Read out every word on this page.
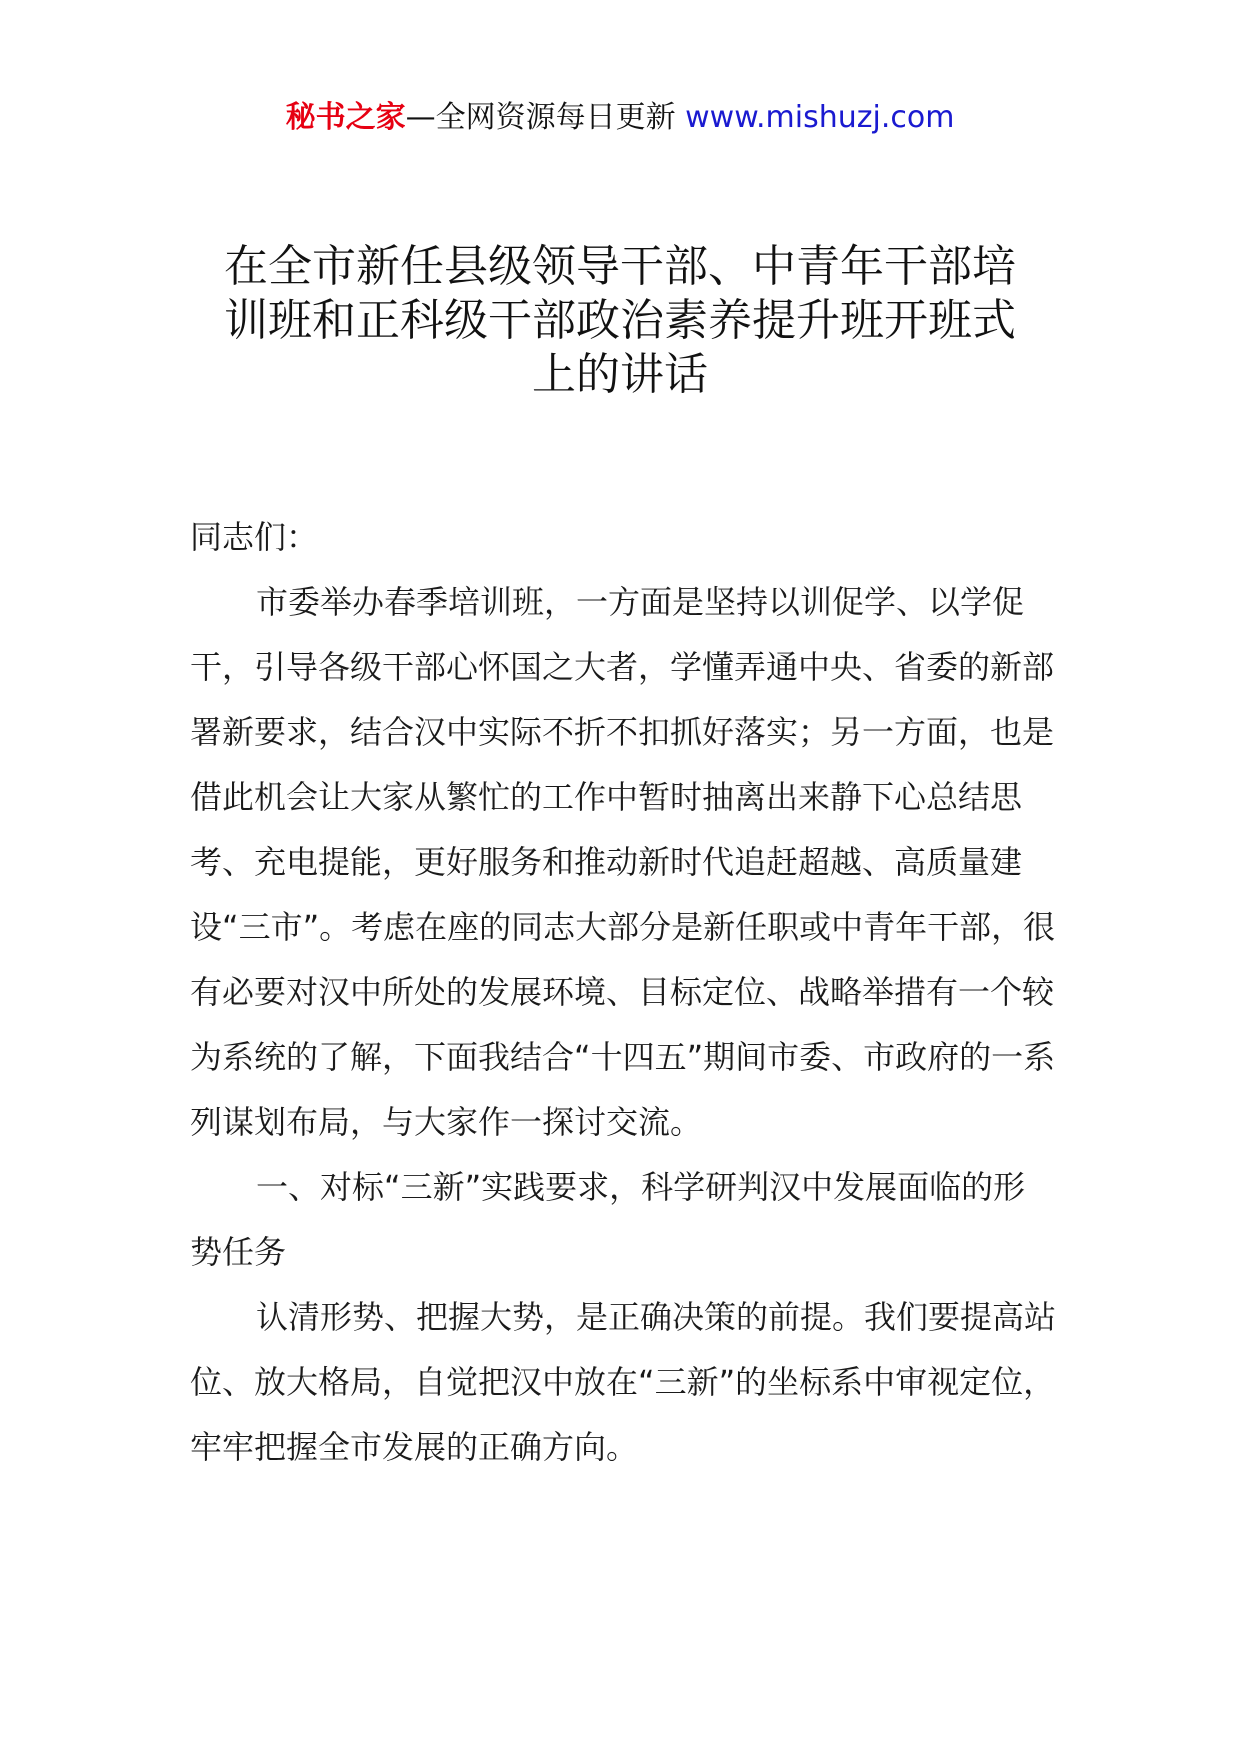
秘书之家—全网资源每日更新 www.mishuzj.com
在全市新任县级领导干部、中青年干部培
训班和正科级干部政治素养提升班开班式
上的讲话

同志们：

市委举办春季培训班，一方面是坚持以训促学、以学促干，引导各级干部心怀国之大者，学懂弄通中央、省委的新部署新要求，结合汉中实际不折不扣抓好落实；另一方面，也是借此机会让大家从繁忙的工作中暂时抽离出来静下心总结思考、充电提能，更好服务和推动新时代追赶超越、高质量建设“三市”。考虑在座的同志大部分是新任职或中青年干部，很有必要对汉中所处的发展环境、目标定位、战略举措有一个较为系统的了解，下面我结合“十四五”期间市委、市政府的一系列谋划布局，与大家作一探讨交流。

一、对标“三新”实践要求，科学研判汉中发展面临的形势任务

认清形势、把握大势，是正确决策的前提。我们要提高站位、放大格局，自觉把汉中放在“三新”的坐标系中审视定位，牢牢把握全市发展的正确方向。
